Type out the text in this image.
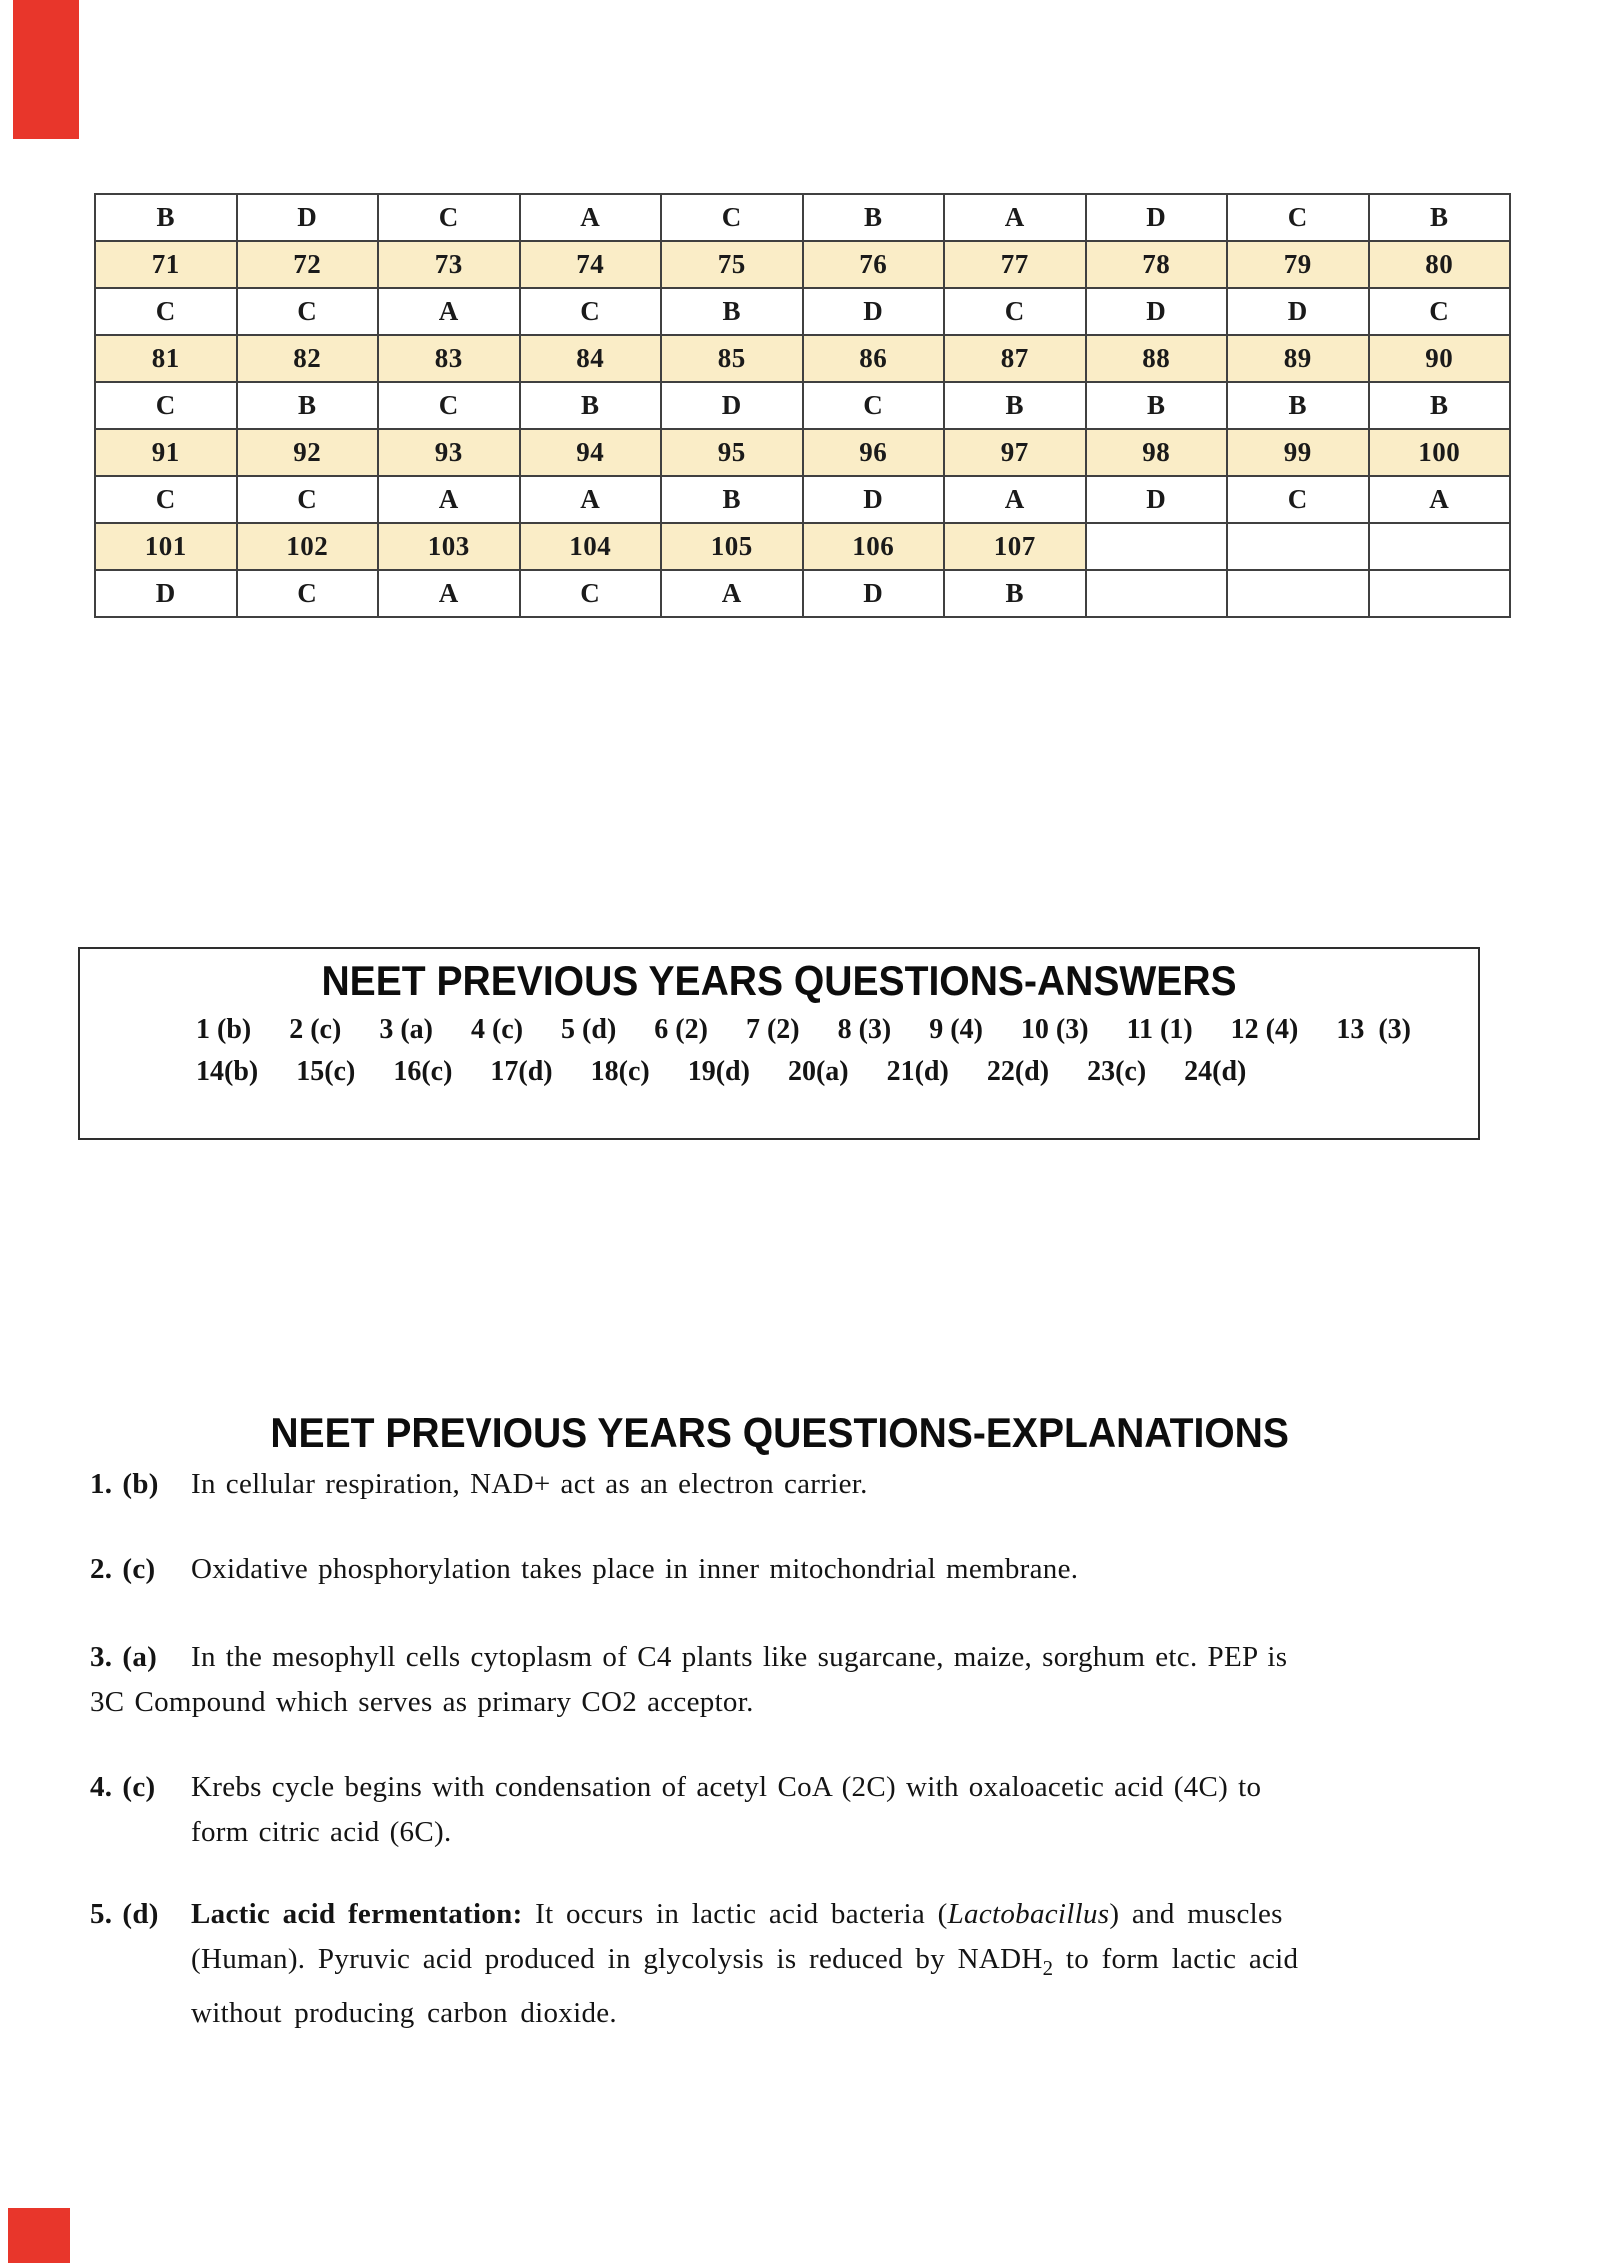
B	D	C	A	C	B	A	D	C	B
71	72	73	74	75	76	77	78	79	80
C	C	A	C	B	D	C	D	D	C
81	82	83	84	85	86	87	88	89	90
C	B	C	B	D	C	B	B	B	B
91	92	93	94	95	96	97	98	99	100
C	C	A	A	B	D	A	D	C	A
101	102	103	104	105	106	107			
D	C	A	C	A	D	B			
NEET PREVIOUS YEARS QUESTIONS-ANSWERS
1 (b) 2 (c) 3 (a) 4 (c) 5 (d) 6 (2) 7 (2) 8 (3) 9 (4) 10 (3) 11 (1) 12 (4) 13  (3)
14(b) 15(c) 16(c) 17(d) 18(c) 19(d) 20(a) 21(d) 22(d) 23(c) 24(d)
NEET PREVIOUS YEARS QUESTIONS-EXPLANATIONS
1. (b)	In cellular respiration, NAD+ act as an electron carrier.
2. (c)	Oxidative phosphorylation takes place in inner mitochondrial membrane.
3. (a) In the mesophyll cells cytoplasm of C4 plants like sugarcane, maize, sorghum etc. PEP is
3C Compound which serves as primary CO2 acceptor.
4. (c)	Krebs cycle begins with condensation of acetyl CoA (2C) with oxaloacetic acid (4C) to
form citric acid (6C).
5. (d)	Lactic acid fermentation: It occurs in lactic acid bacteria (Lactobacillus) and muscles
(Human). Pyruvic acid produced in glycolysis is reduced by $NADH_2$ to form lactic acid
without producing carbon dioxide.
